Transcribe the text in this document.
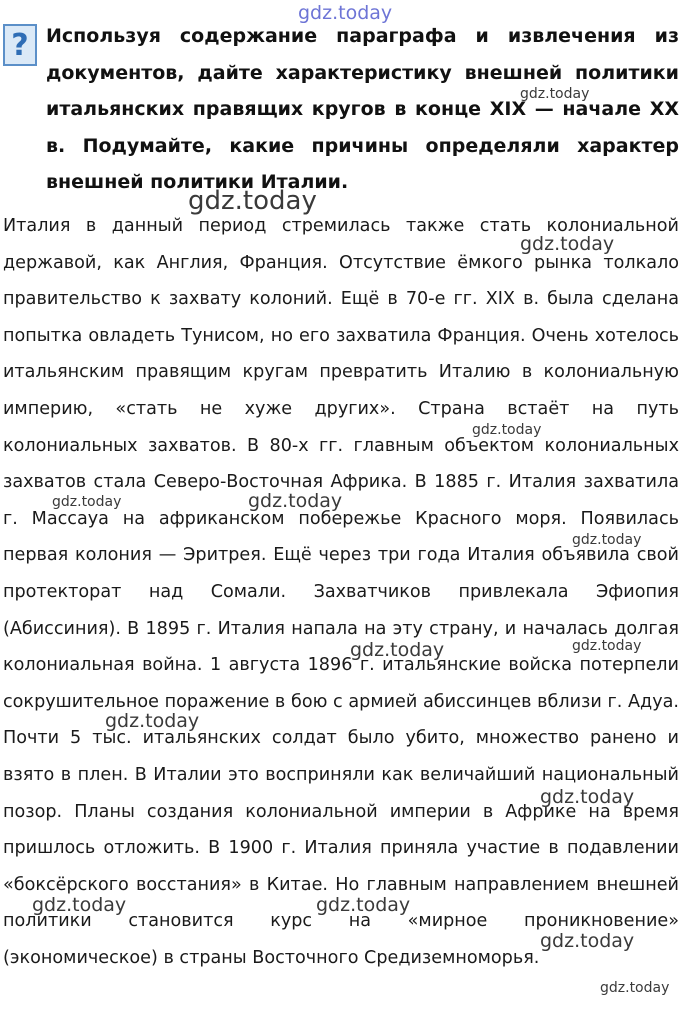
gdz.today
? Используя содержание параграфа и извлечения из документов, дайте характеристику внешней политики итальянских правящих кругов в конце XIX — начале XX в. Подумайте, какие причины определяли характер внешней политики Италии.
Италия в данный период стремилась также стать колониальной державой, как Англия, Франция. Отсутствие ёмкого рынка толкало правительство к захвату колоний. Ещё в 70-е гг. XIX в. была сделана попытка овладеть Тунисом, но его захватила Франция. Очень хотелось итальянским правящим кругам превратить Италию в колониальную империю, «стать не хуже других». Страна встаёт на путь колониальных захватов. В 80-х гг. главным объектом колониальных захватов стала Северо-Восточная Африка. В 1885 г. Италия захватила г. Массауа на африканском побережье Красного моря. Появилась первая колония — Эритрея. Ещё через три года Италия объявила свой протекторат над Сомали. Захватчиков привлекала Эфиопия (Абиссиния). В 1895 г. Италия напала на эту страну, и началась долгая колониальная война. 1 августа 1896 г. итальянские войска потерпели сокрушительное поражение в бою с армией абиссинцев вблизи г. Адуа. Почти 5 тыс. итальянских солдат было убито, множество ранено и взято в плен. В Италии это восприняли как величайший национальный позор. Планы создания колониальной империи в Африке на время пришлось отложить. В 1900 г. Италия приняла участие в подавлении «боксёрского восстания» в Китае. Но главным направлением внешней политики становится курс на «мирное проникновение» (экономическое) в страны Восточного Средиземноморья.
gdz.today
gdz.today
gdz.today
gdz.today
gdz.today	gdz.today
gdz.today
gdz.today	gdz.today
gdz.today
gdz.today
gdz.today	gdz.today
gdz.today
gdz.today
